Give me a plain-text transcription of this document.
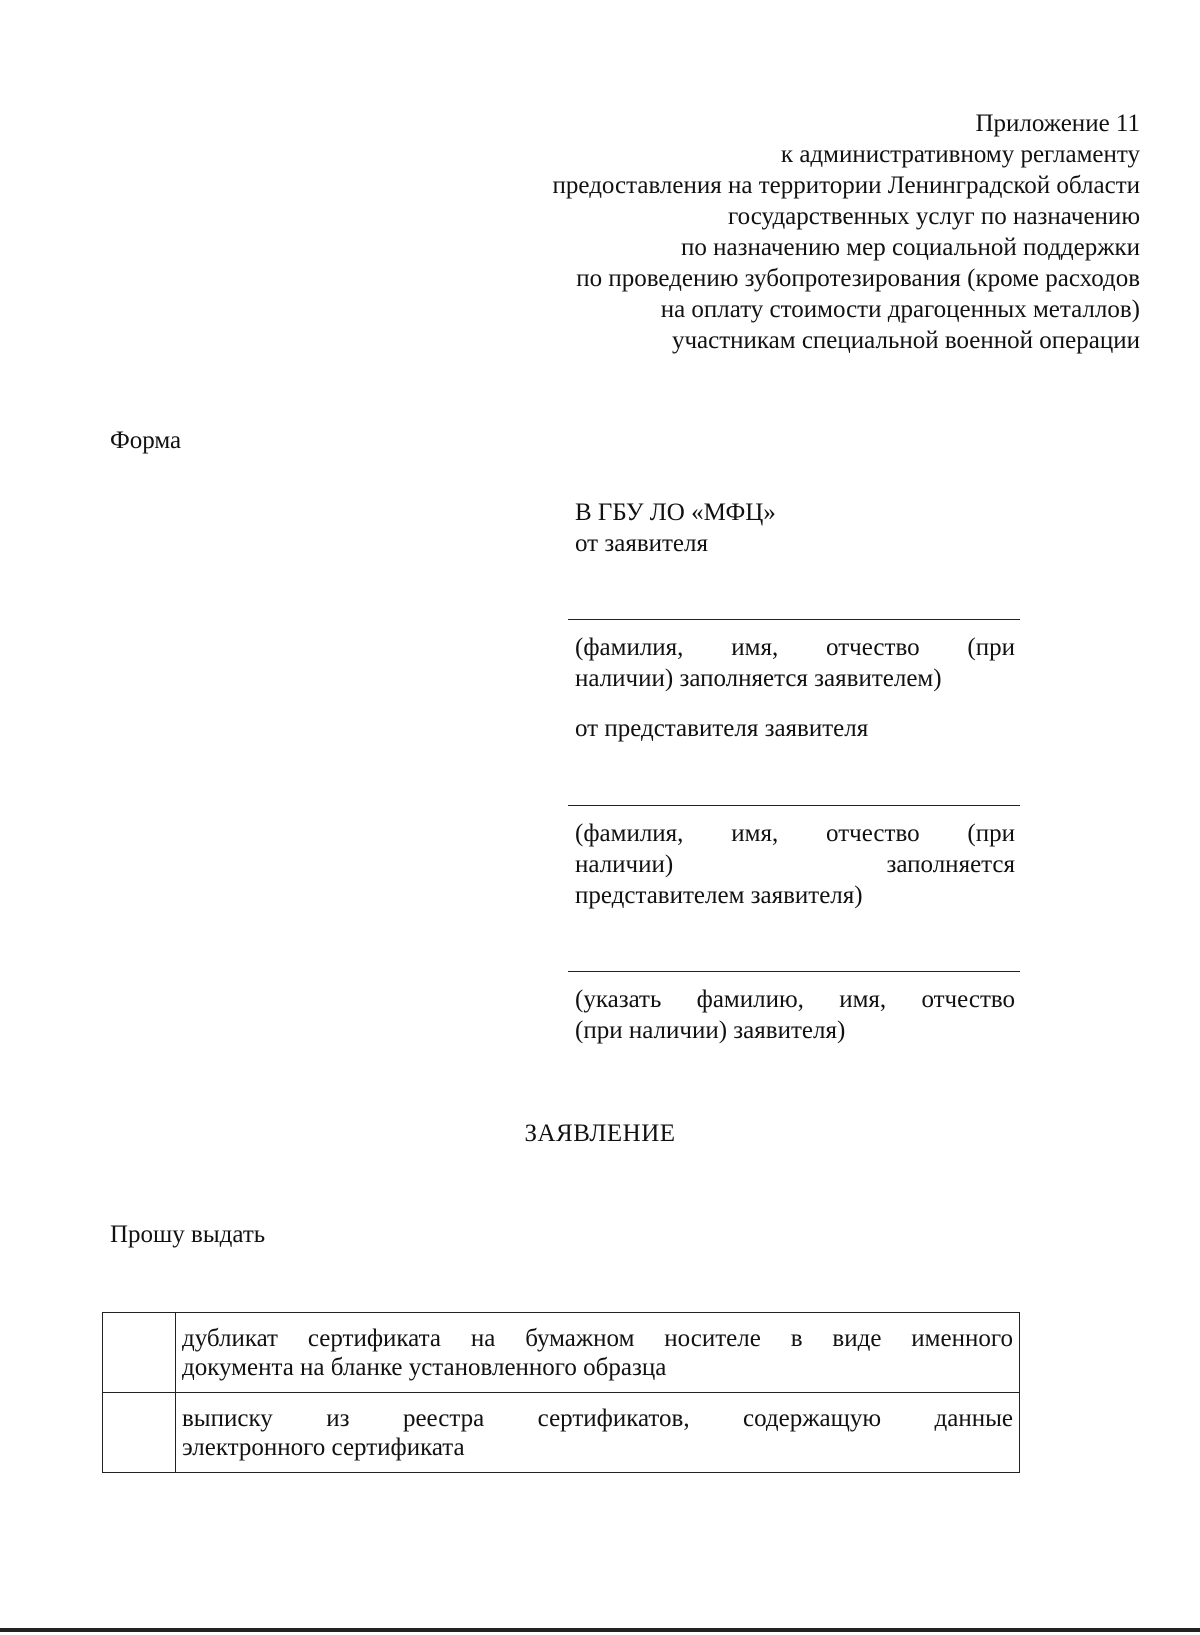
Приложение 11
к административному регламенту
предоставления на территории Ленинградской области
государственных услуг по назначению
по назначению мер социальной поддержки
по проведению зубопротезирования (кроме расходов
на оплату стоимости драгоценных металлов)
участникам специальной военной операции
Форма
В ГБУ ЛО «МФЦ»
от заявителя
(фамилия, имя, отчество (при
наличии) заполняется заявителем)
от представителя заявителя
(фамилия, имя, отчество (при
наличии) заполняется
представителем заявителя)
(указать фамилию, имя, отчество
(при наличии) заявителя)
ЗАЯВЛЕНИЕ
Прошу выдать

	дубликат сертификата на бумажном носителе в виде именного
документа на бланке установленного образца

	выписку из реестра сертификатов, содержащую данные
электронного сертификата
